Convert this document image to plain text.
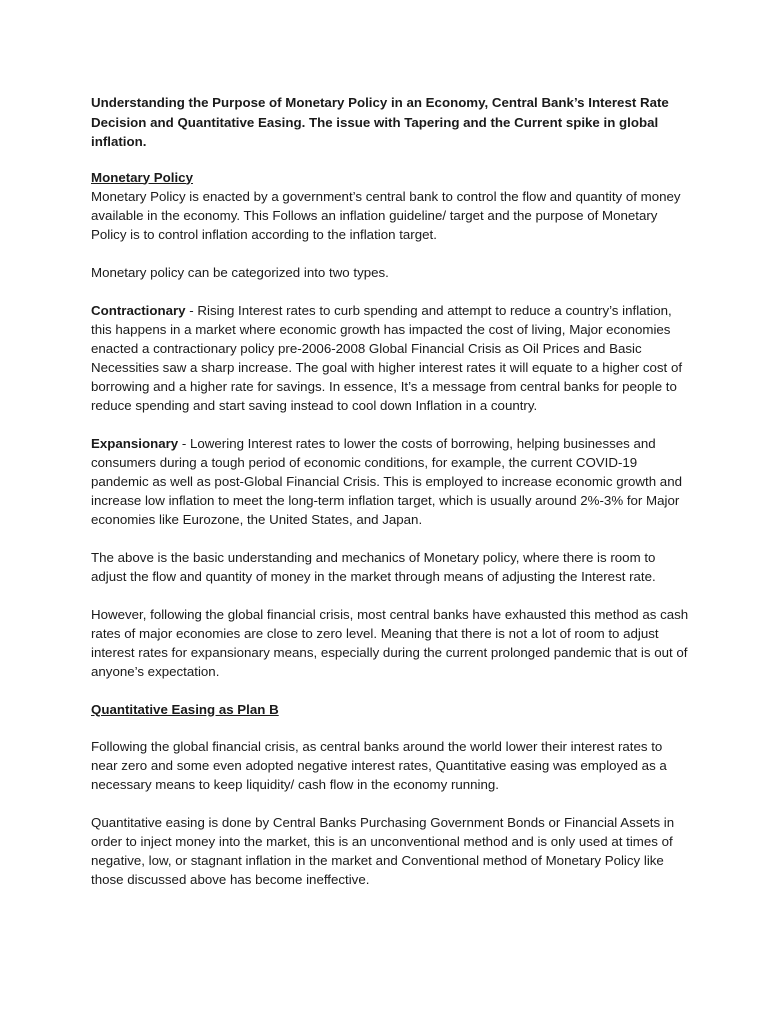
Understanding the Purpose of Monetary Policy in an Economy, Central Bank’s Interest Rate Decision and Quantitative Easing. The issue with Tapering and the Current spike in global inflation.
Monetary Policy

Monetary Policy is enacted by a government’s central bank to control the flow and quantity of money available in the economy. This Follows an inflation guideline/ target and the purpose of Monetary Policy is to control inflation according to the inflation target.

Monetary policy can be categorized into two types.

Contractionary - Rising Interest rates to curb spending and attempt to reduce a country’s inflation, this happens in a market where economic growth has impacted the cost of living, Major economies enacted a contractionary policy pre-2006-2008 Global Financial Crisis as Oil Prices and Basic Necessities saw a sharp increase. The goal with higher interest rates it will equate to a higher cost of borrowing and a higher rate for savings. In essence, It’s a message from central banks for people to reduce spending and start saving instead to cool down Inflation in a country.

Expansionary - Lowering Interest rates to lower the costs of borrowing, helping businesses and consumers during a tough period of economic conditions, for example, the current COVID-19 pandemic as well as post-Global Financial Crisis. This is employed to increase economic growth and increase low inflation to meet the long-term inflation target, which is usually around 2%-3% for Major economies like Eurozone, the United States, and Japan.

The above is the basic understanding and mechanics of Monetary policy, where there is room to adjust the flow and quantity of money in the market through means of adjusting the Interest rate.

However, following the global financial crisis, most central banks have exhausted this method as cash rates of major economies are close to zero level. Meaning that there is not a lot of room to adjust interest rates for expansionary means, especially during the current prolonged pandemic that is out of anyone’s expectation.

Quantitative Easing as Plan B

Following the global financial crisis, as central banks around the world lower their interest rates to near zero and some even adopted negative interest rates, Quantitative easing was employed as a necessary means to keep liquidity/ cash flow in the economy running.

Quantitative easing is done by Central Banks Purchasing Government Bonds or Financial Assets in order to inject money into the market, this is an unconventional method and is only used at times of negative, low, or stagnant inflation in the market and Conventional method of Monetary Policy like those discussed above has become ineffective.
